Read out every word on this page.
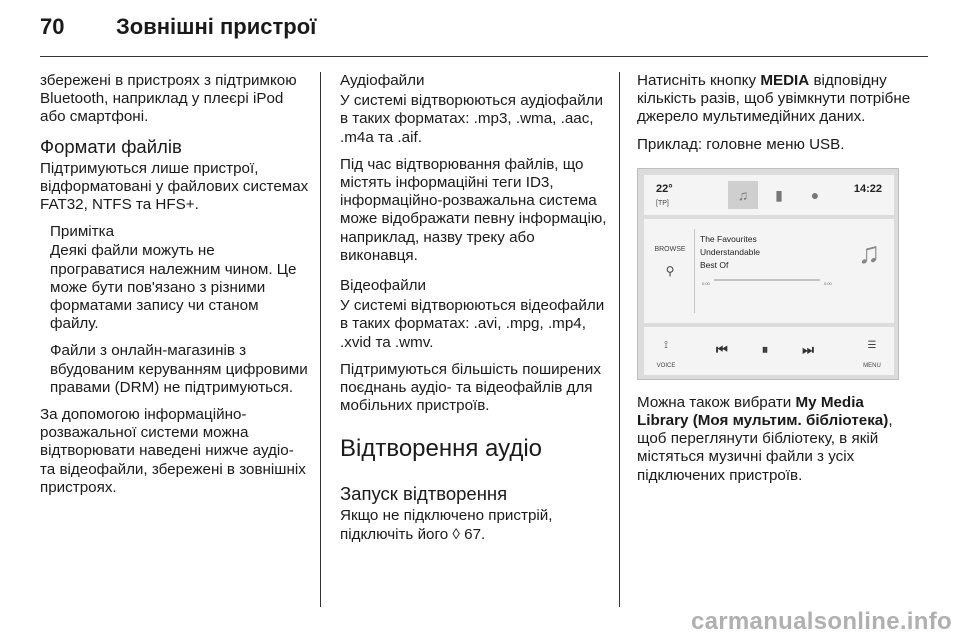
70	Зовнішні пристрої

збережені в пристроях з підтримкою Bluetooth, наприклад у плеєрі iPod або смартфоні.

Формати файлів

Підтримуються лише пристрої, відформатовані у файлових системах FAT32, NTFS та HFS+.

Примітка

Деякі файли можуть не програватися належним чином. Це може бути пов'язано з різними форматами запису чи станом файлу.

Файли з онлайн-магазинів з вбудованим керуванням цифровими правами (DRM) не підтримуються.

За допомогою інформаційно-розважальної системи можна відтворювати наведені нижче аудіо- та відеофайли, збережені в зовнішніх пристроях.

Аудіофайли

У системі відтворюються аудіофайли в таких форматах: .mp3, .wma, .aac, .m4a та .aif.

Під час відтворювання файлів, що містять інформаційні теги ID3, інформаційно-розважальна система може відображати певну інформацію, наприклад, назву треку або виконавця.

Відеофайли

У системі відтворюються відеофайли в таких форматах: .avi, .mpg, .mp4, .xvid та .wmv.

Підтримуються більшість поширених поєднань аудіо- та відеофайлів для мобільних пристроїв.

Відтворення аудіо
Запуск відтворення

Якщо не підключено пристрій, підключіть його ◊ 67.

Натисніть кнопку MEDIA відповідну кількість разів, щоб увімкнути потрібне джерело мультимедійних даних.

Приклад: головне меню USB.

22°
[TP]
♫	▮	●	14:22
BROWSE
⚲
The Favourites
Understandable
Best Of
0:00	0:00
♫
⟟
VOICE
⏮	⏸	⏭	☰
MENU

Можна також вибрати My Media Library (Моя мультим. бібліотека), щоб переглянути бібліотеку, в якій містяться музичні файли з усіх підключених пристроїв.

carmanualsonline.info
